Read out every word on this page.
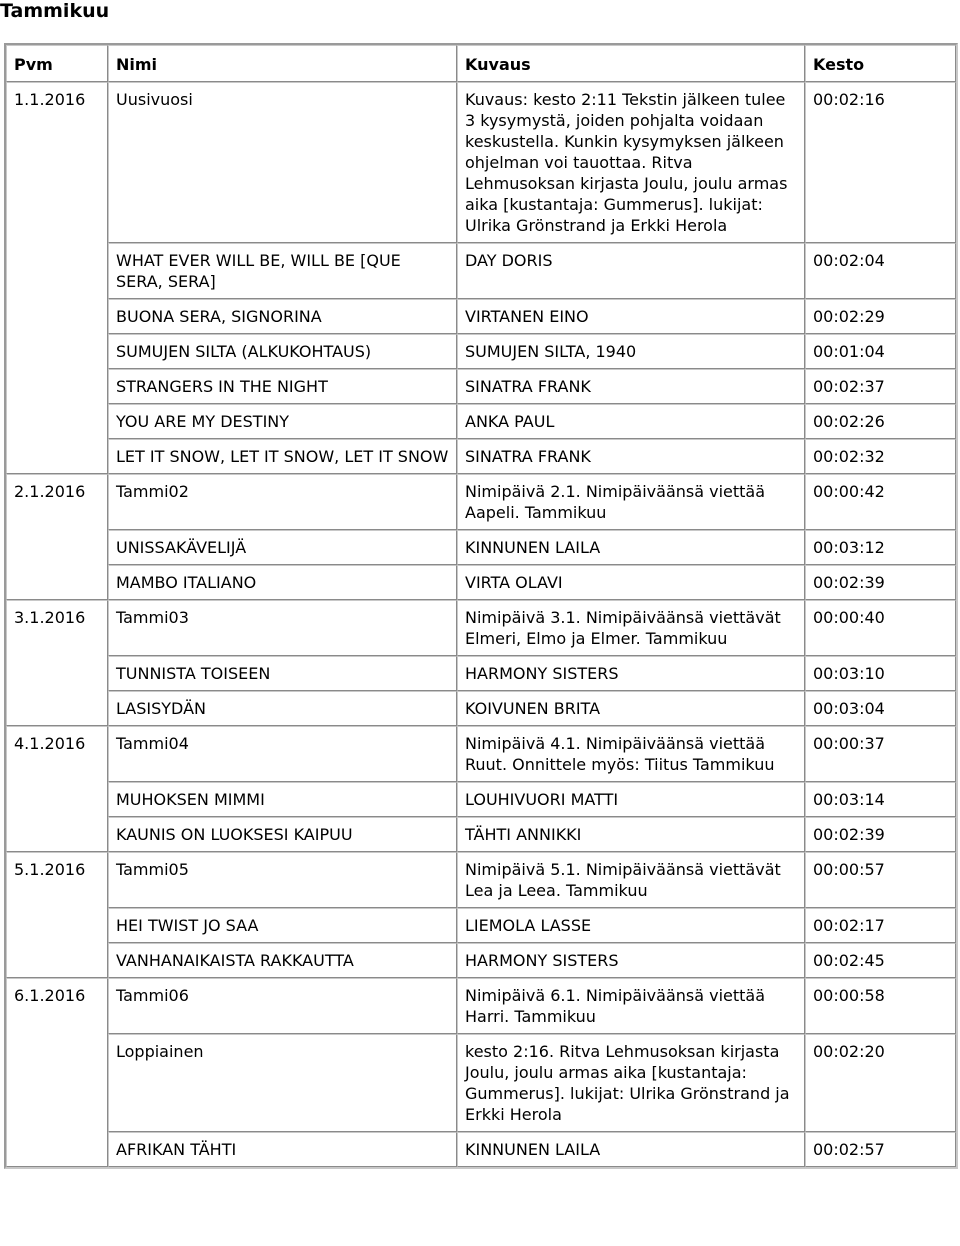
Tammikuu
Pvm	Nimi	Kuvaus	Kesto
1.1.2016	Uusivuosi	Kuvaus: kesto 2:11 Tekstin jälkeen tulee 3 kysymystä, joiden pohjalta voidaan keskustella. Kunkin kysymyksen jälkeen ohjelman voi tauottaa. Ritva Lehmusoksan kirjasta Joulu, joulu armas aika [kustantaja: Gummerus]. lukijat: Ulrika Grönstrand ja Erkki Herola	00:02:16
	WHAT EVER WILL BE, WILL BE [QUE SERA, SERA]	DAY DORIS	00:02:04
	BUONA SERA, SIGNORINA	VIRTANEN EINO	00:02:29
	SUMUJEN SILTA (ALKUKOHTAUS)	SUMUJEN SILTA, 1940	00:01:04
	STRANGERS IN THE NIGHT	SINATRA FRANK	00:02:37
	YOU ARE MY DESTINY	ANKA PAUL	00:02:26
	LET IT SNOW, LET IT SNOW, LET IT SNOW	SINATRA FRANK	00:02:32
2.1.2016	Tammi02	Nimipäivä 2.1. Nimipäiväänsä viettää Aapeli. Tammikuu	00:00:42
	UNISSAKÄVELIJÄ	KINNUNEN LAILA	00:03:12
	MAMBO ITALIANO	VIRTA OLAVI	00:02:39
3.1.2016	Tammi03	Nimipäivä 3.1. Nimipäiväänsä viettävät Elmeri, Elmo ja Elmer. Tammikuu	00:00:40
	TUNNISTA TOISEEN	HARMONY SISTERS	00:03:10
	LASISYDÄN	KOIVUNEN BRITA	00:03:04
4.1.2016	Tammi04	Nimipäivä 4.1. Nimipäiväänsä viettää Ruut. Onnittele myös: Tiitus Tammikuu	00:00:37
	MUHOKSEN MIMMI	LOUHIVUORI MATTI	00:03:14
	KAUNIS ON LUOKSESI KAIPUU	TÄHTI ANNIKKI	00:02:39
5.1.2016	Tammi05	Nimipäivä 5.1. Nimipäiväänsä viettävät Lea ja Leea. Tammikuu	00:00:57
	HEI TWIST JO SAA	LIEMOLA LASSE	00:02:17
	VANHANAIKAISTA RAKKAUTTA	HARMONY SISTERS	00:02:45
6.1.2016	Tammi06	Nimipäivä 6.1. Nimipäiväänsä viettää Harri. Tammikuu	00:00:58
	Loppiainen	kesto 2:16. Ritva Lehmusoksan kirjasta Joulu, joulu armas aika [kustantaja: Gummerus]. lukijat: Ulrika Grönstrand ja Erkki Herola	00:02:20
	AFRIKAN TÄHTI	KINNUNEN LAILA	00:02:57
